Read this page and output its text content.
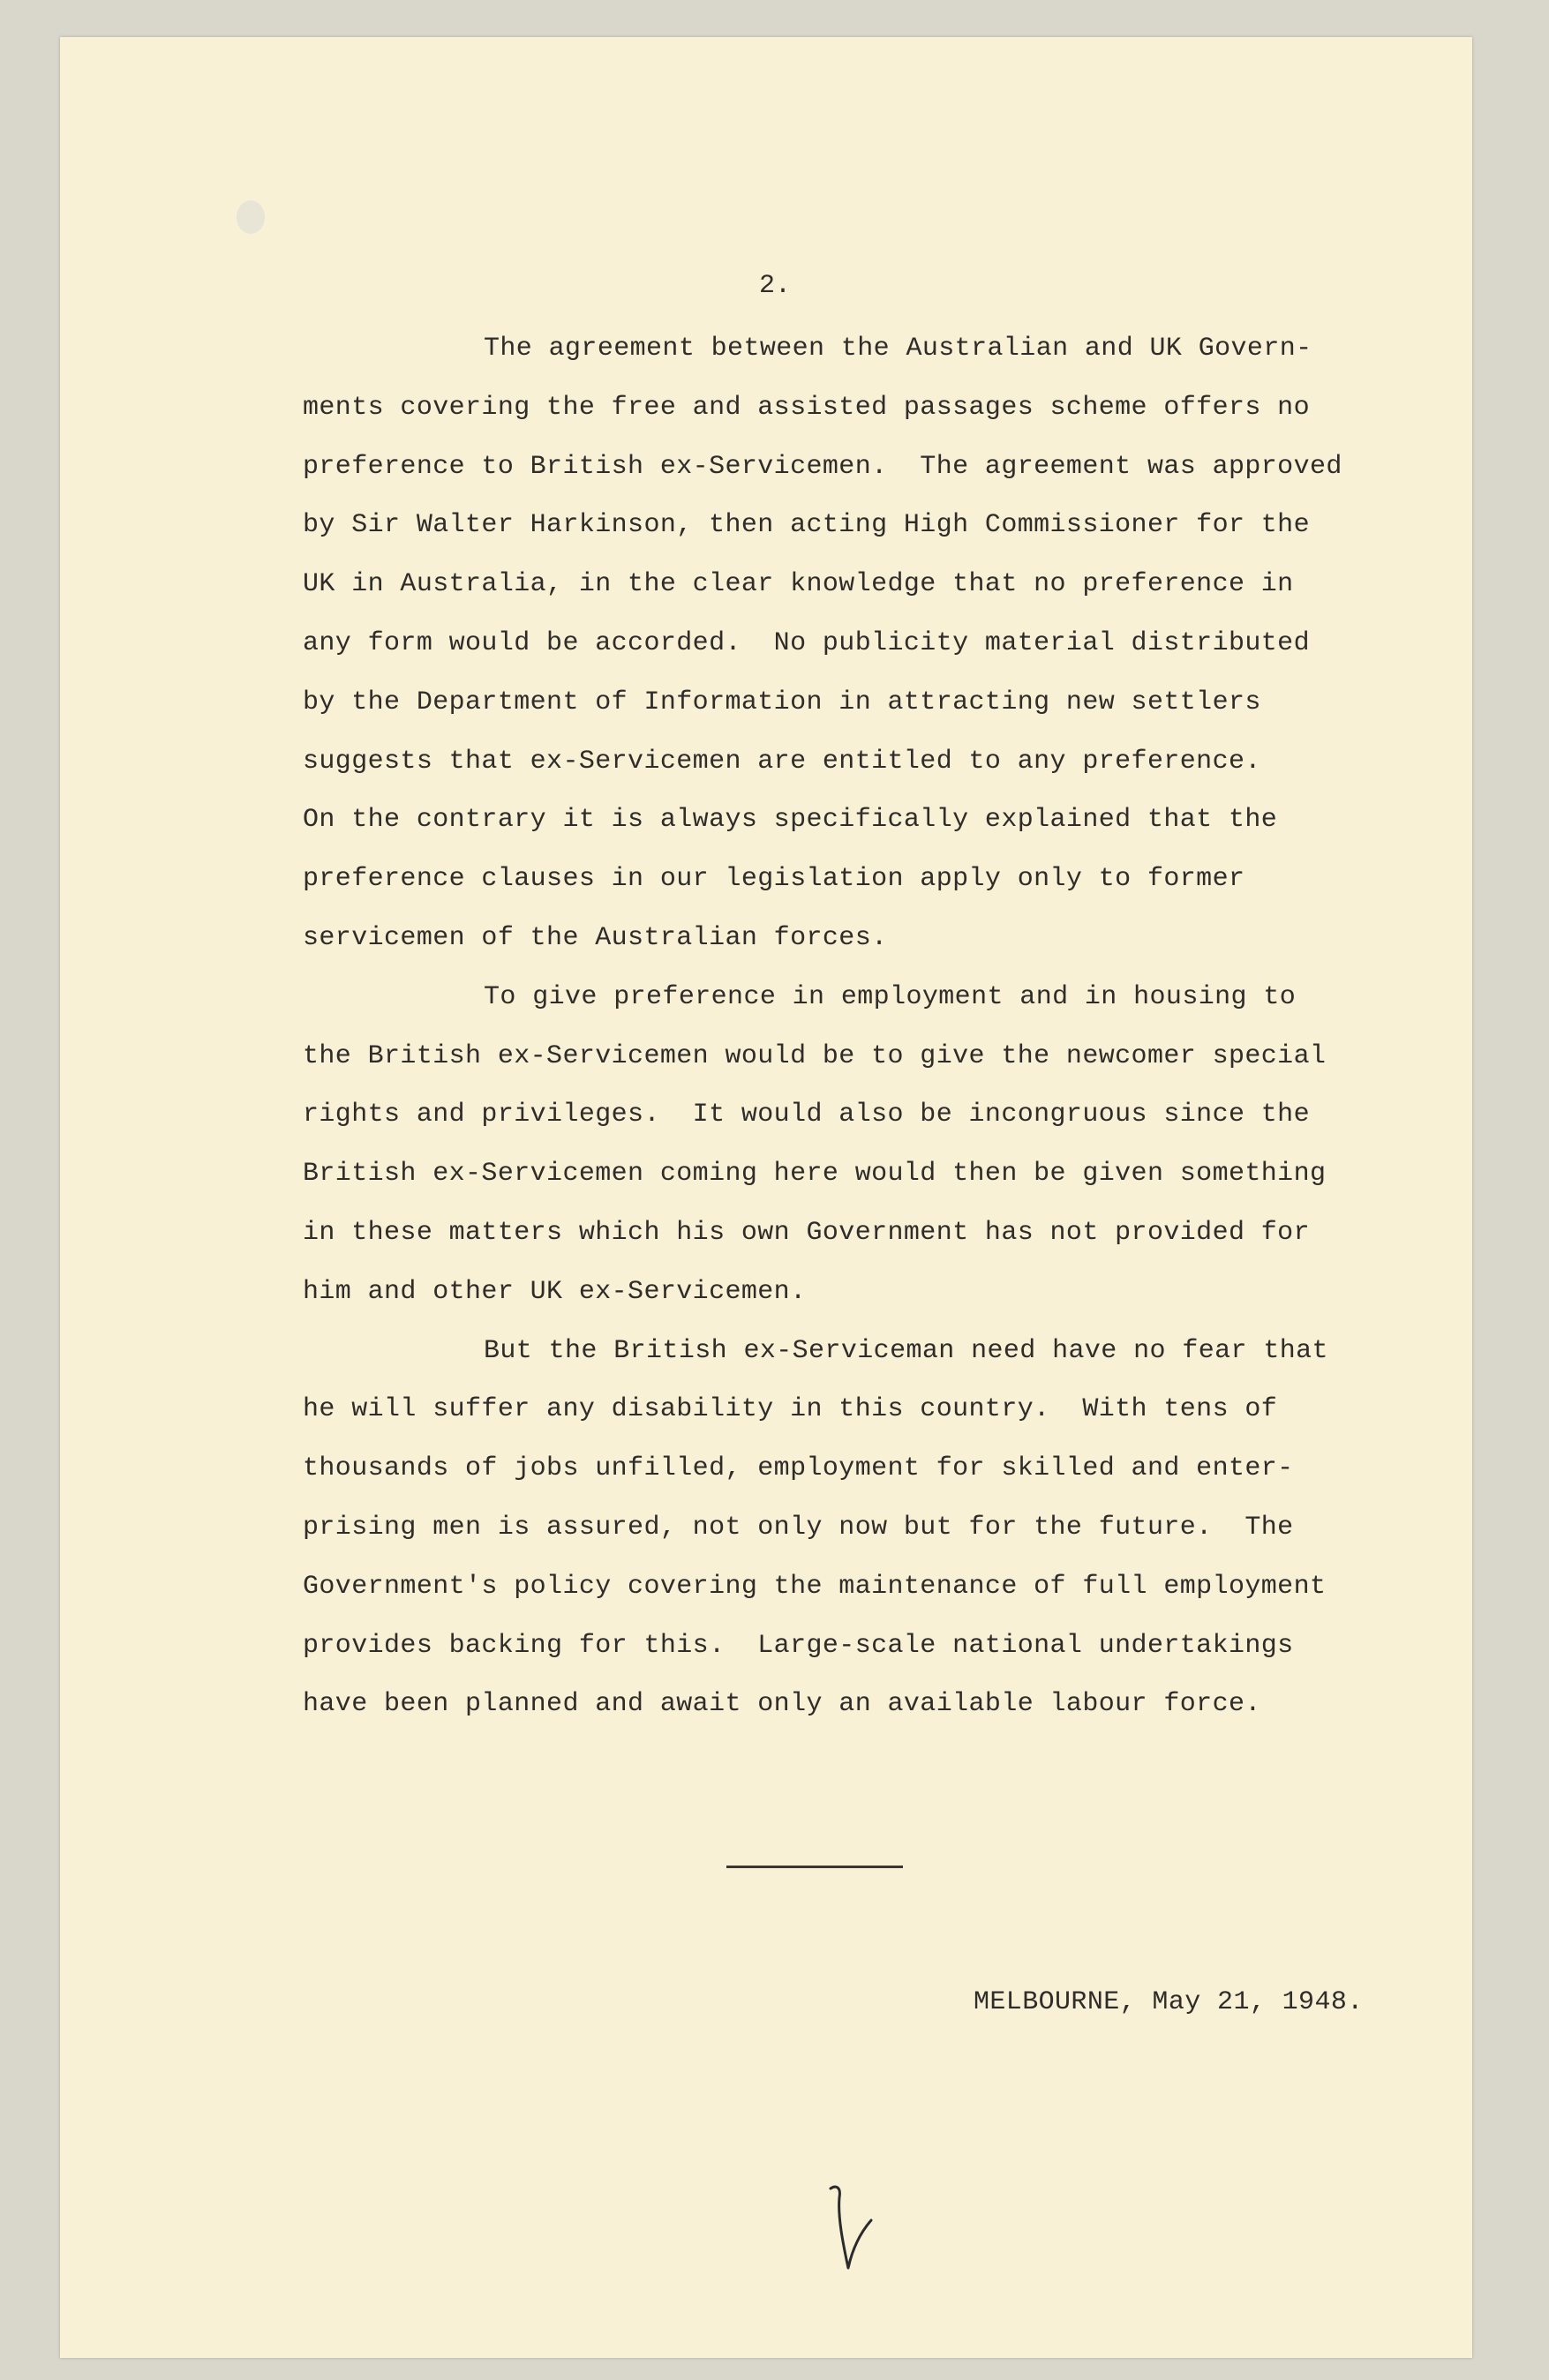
2.

The agreement between the Australian and UK Govern-
ments covering the free and assisted passages scheme offers no
preference to British ex-Servicemen.  The agreement was approved
by Sir Walter Harkinson, then acting High Commissioner for the
UK in Australia, in the clear knowledge that no preference in
any form would be accorded.  No publicity material distributed
by the Department of Information in attracting new settlers
suggests that ex-Servicemen are entitled to any preference.
On the contrary it is always specifically explained that the
preference clauses in our legislation apply only to former
servicemen of the Australian forces.

To give preference in employment and in housing to
the British ex-Servicemen would be to give the newcomer special
rights and privileges.  It would also be incongruous since the
British ex-Servicemen coming here would then be given something
in these matters which his own Government has not provided for
him and other UK ex-Servicemen.

But the British ex-Serviceman need have no fear that
he will suffer any disability in this country.  With tens of
thousands of jobs unfilled, employment for skilled and enter-
prising men is assured, not only now but for the future.  The
Government's policy covering the maintenance of full employment
provides backing for this.  Large-scale national undertakings
have been planned and await only an available labour force.

MELBOURNE, May 21, 1948.
